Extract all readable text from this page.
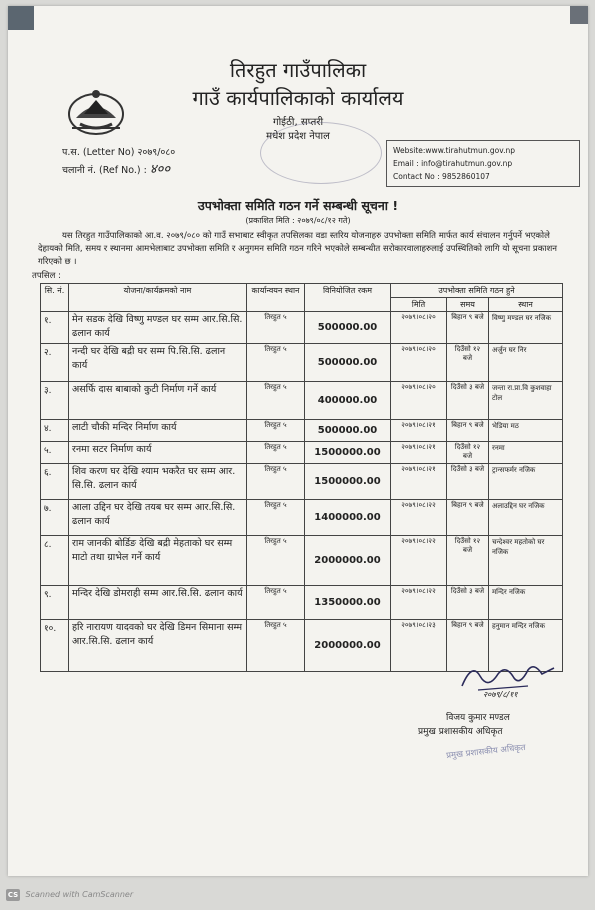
तिरहुत गाउँपालिका
गाउँ कार्यपालिकाको कार्यालय
गोईठी, सप्तरी
मधेश प्रदेश नेपाल
प.स. (Letter No) २०७९/०८०
चलानी नं. (Ref No.) : ४००
Website:www.tirahutmun.gov.np
Email : info@tirahutmun.gov.np
Contact No : 9852860107
उपभोक्ता समिति गठन गर्ने सम्बन्धी सूचना !
(प्रकाशित मिति : २०७९/०८/१२ गते)
यस तिरहुत गाउँपालिकाको आ.व. २०७९/०८० को गाउँ सभाबाट स्वीकृत तपसिलका वडा स्तरिय योजनाहरु उपभोक्ता समिति मार्फत कार्य संचालन गर्नुपर्ने भएकोले देहायको मिति, समय र स्थानमा आमभेलाबाट उपभोक्ता समिति र अनुगमन समिति गठन गरिने भएकोले सम्बन्धीत सरोकारवालाहरुलाई उपस्थितिको लागि यो सूचना प्रकाशन गरिएको छ ।
तपसिल :
सि. नं.	योजना/कार्यक्रमको नाम	कार्यान्वयन स्थान	विनियोजित रकम	उपभोक्ता समिति गठन हुने		
				मिति	समय	स्थान
१.	मेन सडक देखि विष्णु मण्डल घर सम्म आर.सि.सि. ढलान कार्य	तिरहुत ५	500000.00	२०७९।०८।२०	बिहान ९ बजे	विष्णु मण्डल घर नजिक
२.	नन्दी घर देखि बद्री घर सम्म पि.सि.सि. ढलान कार्य	तिरहुत ५	500000.00	२०७९।०८।२०	दिउँसो १२ बजे	अर्जुन घर निर
३.	असर्फि दास बाबाको कुटी निर्माण गर्ने कार्य	तिरहुत ५	400000.00	२०७९।०८।२०	दिउँसो ३ बजे	जन्ता रा.प्रा.वि कुशवाहा टोल
४.	लाटी चौकी मन्दिर निर्माण कार्य	तिरहुत ५	500000.00	२०७९।०८।२१	बिहान ९ बजे	भेडिया मठ
५.	रनमा सटर निर्माण कार्य	तिरहुत ५	1500000.00	२०७९।०८।२१	दिउँसो १२ बजे	रनमा
६.	शिव करण घर देखि श्याम भकरैत घर सम्म आर. सि.सि. ढलान कार्य	तिरहुत ५	1500000.00	२०७९।०८।२१	दिउँसो ३ बजे	ट्रान्सफर्मर नजिक
७.	आला उद्दिन घर देखि तयब घर सम्म आर.सि.सि. ढलान कार्य	तिरहुत ५	1400000.00	२०७९।०८।२२	बिहान ९ बजे	अलाउद्दिन घर नजिक
८.	राम जानकी बोर्डिङ देखि बद्री मेहताको घर सम्म माटो तथा ग्राभेल गर्ने कार्य	तिरहुत ५	2000000.00	२०७९।०८।२२	दिउँसो १२ बजे	चन्देश्वर महतोको घर नजिक
९.	मन्दिर देखि डोमराही सम्म आर.सि.सि. ढलान कार्य	तिरहुत ५	1350000.00	२०७९।०८।२२	दिउँसो ३ बजे	मन्दिर नजिक
१०.	हरि नारायण यादवको घर देखि डिमन सिमाना सम्म आर.सि.सि. ढलान कार्य	तिरहुत ५	2000000.00	२०७९।०८।२३	बिहान ९ बजे	हनुमान मन्दिर नजिक
२०७९/८/११
विजय कुमार मण्डल
प्रमुख प्रशासकीय अधिकृत
प्रमुख प्रशासकीय अधिकृत
CS Scanned with CamScanner
